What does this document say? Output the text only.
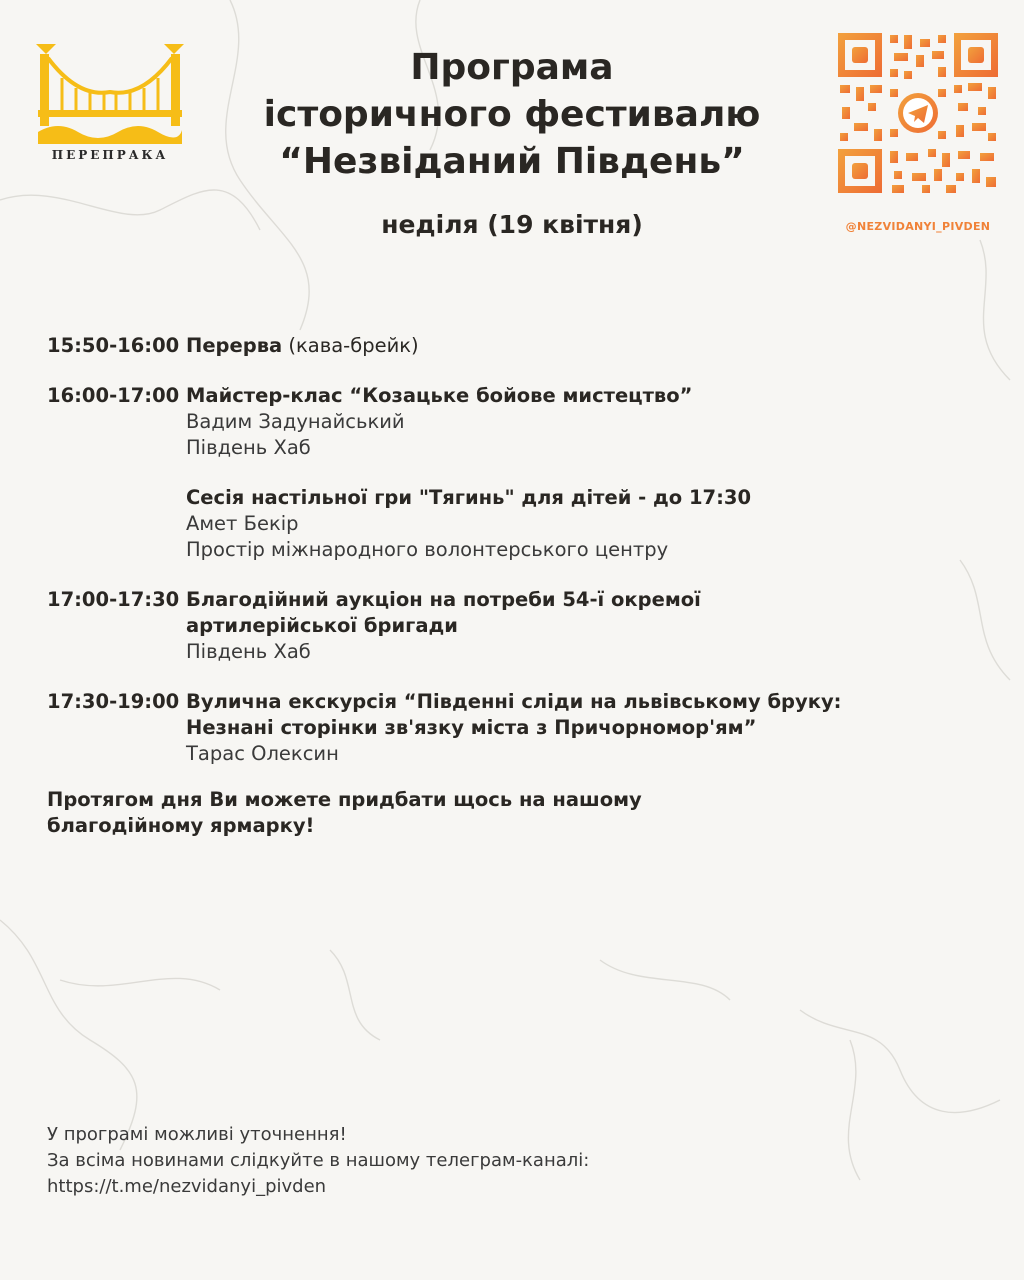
ПЕРЕПРАКА
Програма
історичного фестивалю
“Незвіданий Південь”
неділя (19 квітня)	@NEZVIDANYI_PIVDEN
15:50-16:00 Перерва (кава-брейк)
16:00-17:00 Майстер-клас “Козацьке бойове мистецтво”
Вадим Задунайський
Південь Хаб
Сесія настільної гри "Тягинь" для дітей - до 17:30
Амет Бекір
Простір міжнародного волонтерського центру
17:00-17:30 Благодійний аукціон на потреби 54-ї окремої
артилерійської бригади
Південь Хаб
17:30-19:00 Вулична екскурсія “Південні сліди на львівському бруку:
Незнані сторінки зв'язку міста з Причорномор'ям”
Тарас Олексин
Протягом дня Ви можете придбати щось на нашому
благодійному ярмарку!
У програмі можливі уточнення!
За всіма новинами слідкуйте в нашому телеграм-каналі:
https://t.me/nezvidanyi_pivden
